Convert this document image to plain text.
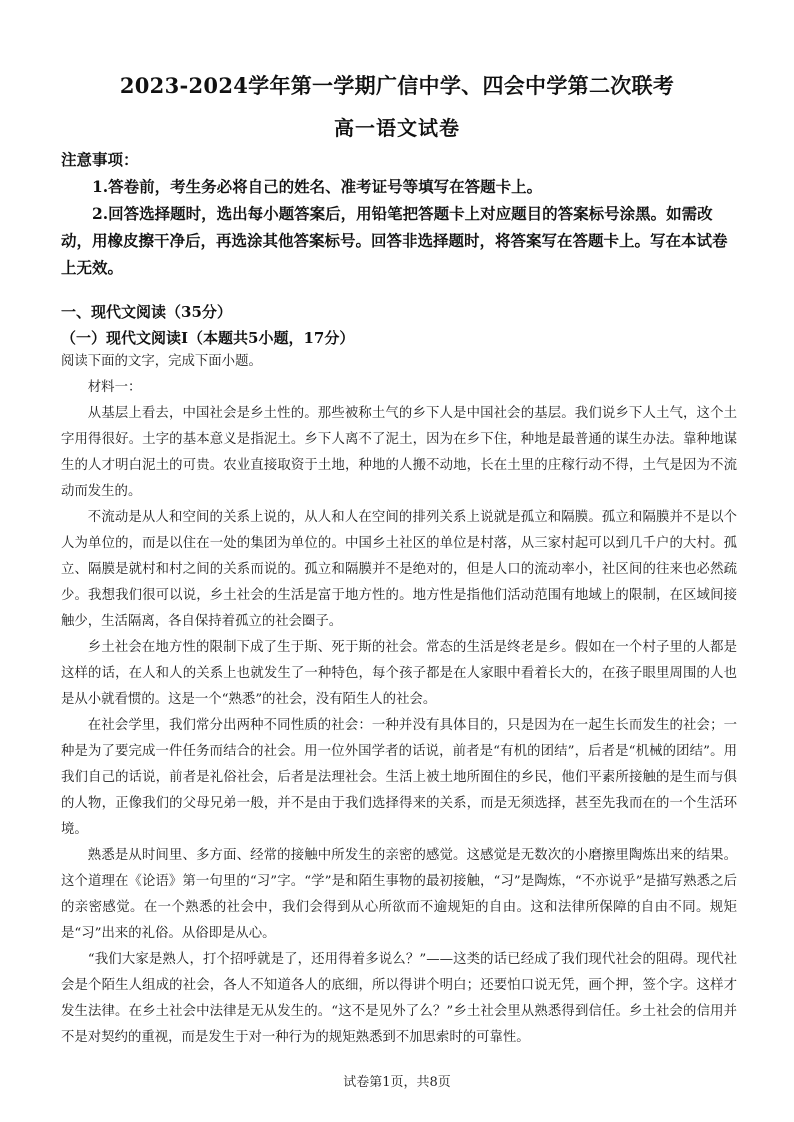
2023-2024学年第一学期广信中学、四会中学第二次联考
高一语文试卷
注意事项：
1.答卷前，考生务必将自己的姓名、准考证号等填写在答题卡上。
2.回答选择题时，选出每小题答案后，用铅笔把答题卡上对应题目的答案标号涂黑。如需改动，用橡皮擦干净后，再选涂其他答案标号。回答非选择题时，将答案写在答题卡上。写在本试卷上无效。
一、现代文阅读（35分）
（一）现代文阅读Ⅰ（本题共5小题，17分）

阅读下面的文字，完成下面小题。

材料一：

从基层上看去，中国社会是乡土性的。那些被称土气的乡下人是中国社会的基层。我们说乡下人土气，这个土字用得很好。土字的基本意义是指泥土。乡下人离不了泥土，因为在乡下住，种地是最普通的谋生办法。靠种地谋生的人才明白泥土的可贵。农业直接取资于土地，种地的人搬不动地，长在土里的庄稼行动不得，土气是因为不流动而发生的。

不流动是从人和空间的关系上说的，从人和人在空间的排列关系上说就是孤立和隔膜。孤立和隔膜并不是以个人为单位的，而是以住在一处的集团为单位的。中国乡土社区的单位是村落，从三家村起可以到几千户的大村。孤立、隔膜是就村和村之间的关系而说的。孤立和隔膜并不是绝对的，但是人口的流动率小，社区间的往来也必然疏少。我想我们很可以说，乡土社会的生活是富于地方性的。地方性是指他们活动范围有地域上的限制，在区域间接触少，生活隔离，各自保持着孤立的社会圈子。

乡土社会在地方性的限制下成了生于斯、死于斯的社会。常态的生活是终老是乡。假如在一个村子里的人都是这样的话，在人和人的关系上也就发生了一种特色，每个孩子都是在人家眼中看着长大的，在孩子眼里周围的人也是从小就看惯的。这是一个“熟悉”的社会，没有陌生人的社会。

在社会学里，我们常分出两种不同性质的社会：一种并没有具体目的，只是因为在一起生长而发生的社会；一种是为了要完成一件任务而结合的社会。用一位外国学者的话说，前者是“有机的团结”，后者是“机械的团结”。用我们自己的话说，前者是礼俗社会，后者是法理社会。生活上被土地所囿住的乡民，他们平素所接触的是生而与俱的人物，正像我们的父母兄弟一般，并不是由于我们选择得来的关系，而是无须选择，甚至先我而在的一个生活环境。

熟悉是从时间里、多方面、经常的接触中所发生的亲密的感觉。这感觉是无数次的小磨擦里陶炼出来的结果。这个道理在《论语》第一句里的“习”字。“学”是和陌生事物的最初接触，“习”是陶炼，“不亦说乎”是描写熟悉之后的亲密感觉。在一个熟悉的社会中，我们会得到从心所欲而不逾规矩的自由。这和法律所保障的自由不同。规矩是“习”出来的礼俗。从俗即是从心。

“我们大家是熟人，打个招呼就是了，还用得着多说么？”——这类的话已经成了我们现代社会的阻碍。现代社会是个陌生人组成的社会，各人不知道各人的底细，所以得讲个明白；还要怕口说无凭，画个押，签个字。这样才发生法律。在乡土社会中法律是无从发生的。“这不是见外了么？”乡土社会里从熟悉得到信任。乡土社会的信用并不是对契约的重视，而是发生于对一种行为的规矩熟悉到不加思索时的可靠性。

试卷第1页，共8页
